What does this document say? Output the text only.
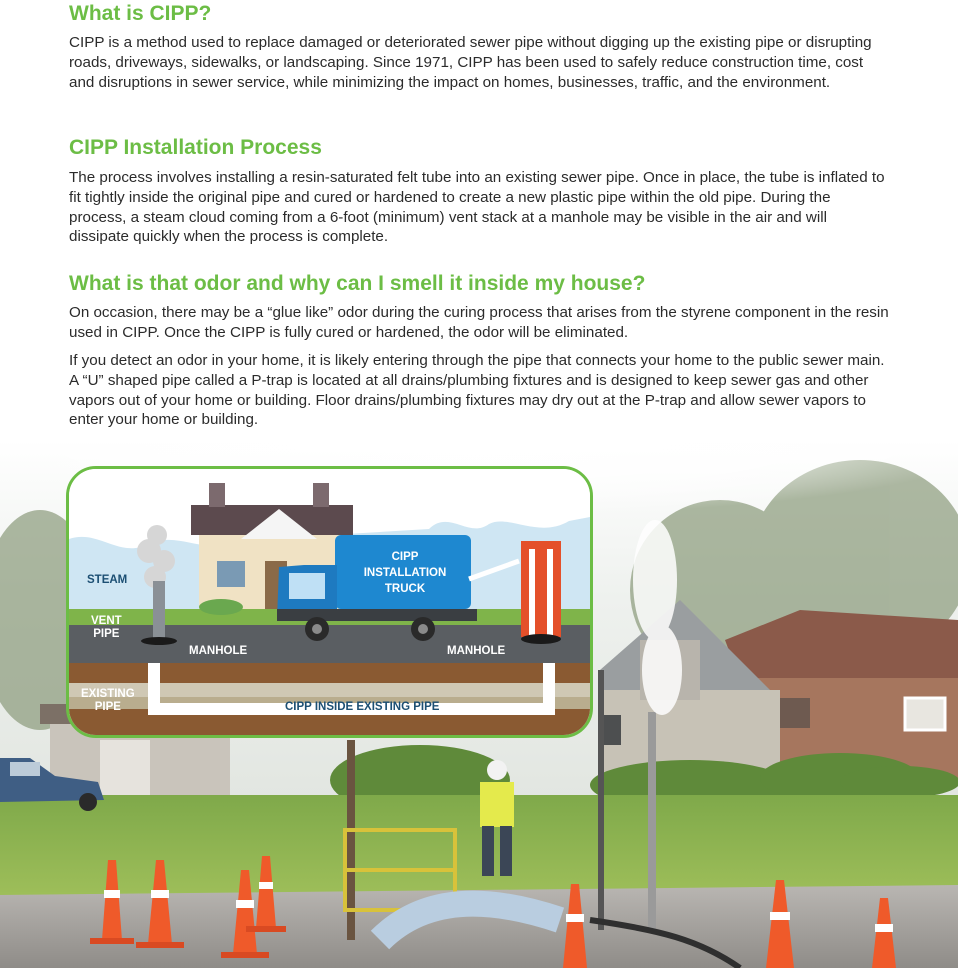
What is CIPP?

CIPP is a method used to replace damaged or deteriorated sewer pipe without digging up the existing pipe or disrupting roads, driveways, sidewalks, or landscaping. Since 1971, CIPP has been used to safely reduce construction time, cost and disruptions in sewer service, while minimizing the impact on homes, businesses, traffic, and the environment.

CIPP Installation Process

The process involves installing a resin-saturated felt tube into an existing sewer pipe. Once in place, the tube is inflated to fit tightly inside the original pipe and cured or hardened to create a new plastic pipe within the old pipe. During the process, a steam cloud coming from a 6-foot (minimum) vent stack at a manhole may be visible in the air and will dissipate quickly when the process is complete.

What is that odor and why can I smell it inside my house?

On occasion, there may be a “glue like” odor during the curing process that arises from the styrene component in the resin used in CIPP. Once the CIPP is fully cured or hardened, the odor will be eliminated.

If you detect an odor in your home, it is likely entering through the pipe that connects your home to the public sewer main. A “U” shaped pipe called a P-trap is located at all drains/plumbing fixtures and is designed to keep sewer gas and other vapors out of your home or building. Floor drains/plumbing fixtures may dry out at the P-trap and allow sewer vapors to enter your home or building.

STEAM
VENT
PIPE
MANHOLE	MANHOLE
EXISTING
PIPE	CIPP INSIDE EXISTING PIPE
CIPP
INSTALLATION
TRUCK
